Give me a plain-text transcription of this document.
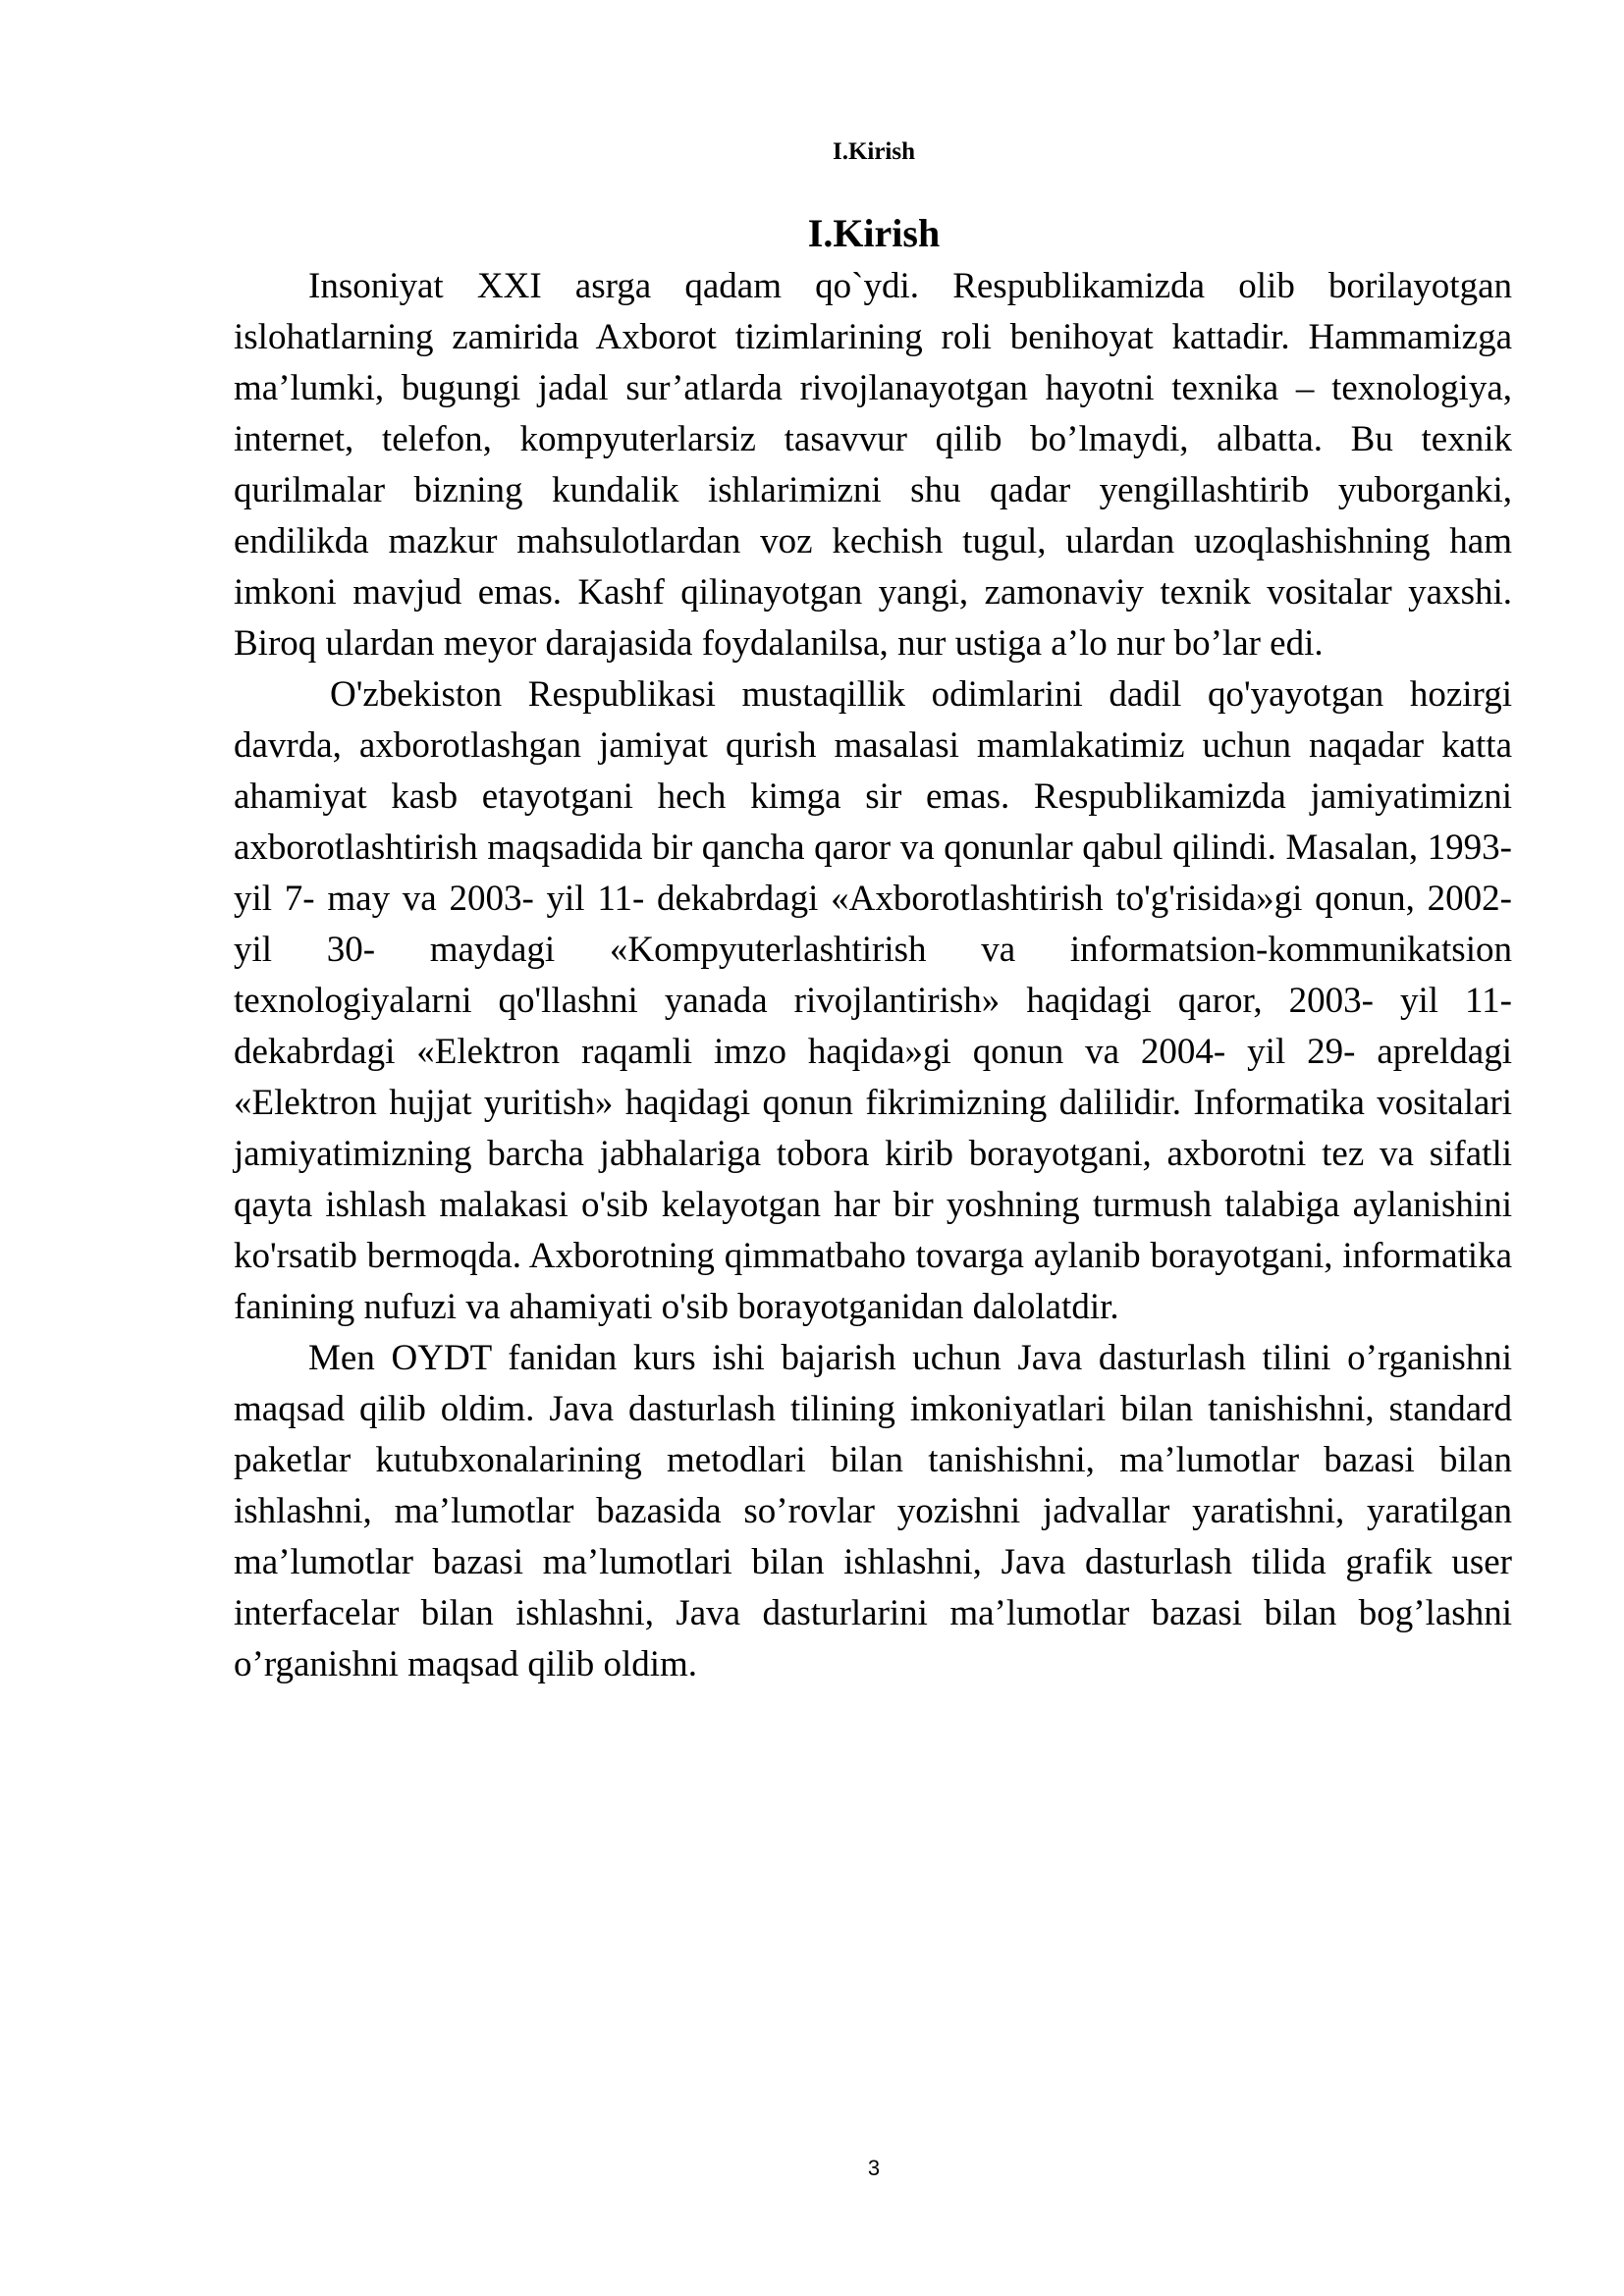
I.Kirish
I.Kirish

Insoniyat XXI asrga qadam qo`ydi. Respublikamizda olib borilayotgan islohatlarning zamirida Axborot tizimlarining roli benihoyat kattadir. Hammamizga ma’lumki, bugungi jadal sur’atlarda rivojlanayotgan hayotni texnika – texnologiya, internet, telefon, kompyuterlarsiz tasavvur qilib bo’lmaydi, albatta. Bu texnik qurilmalar bizning kundalik ishlarimizni shu qadar yengillashtirib yuborganki, endilikda mazkur mahsulotlardan voz kechish tugul, ulardan uzoqlashishning ham imkoni mavjud emas. Kashf qilinayotgan yangi, zamonaviy texnik vositalar yaxshi. Biroq ulardan meyor darajasida foydalanilsa, nur ustiga a’lo nur bo’lar edi.

O'zbekiston Respublikasi mustaqillik odimlarini dadil qo'yayotgan hozirgi davrda, axborotlashgan jamiyat qurish masalasi mamlakatimiz uchun naqadar katta ahamiyat kasb etayotgani hech kimga sir emas. Respublikamizda jamiyatimizni axborotlashtirish maqsadida bir qancha qaror va qonunlar qabul qilindi. Masalan, 1993- yil 7- may va 2003- yil 11- dekabrdagi «Axborotlashtirish to'g'risida»gi qonun, 2002- yil 30- maydagi «Kompyuterlashtirish va informatsion-kommunikatsion texnologiyalarni qo'llashni yanada rivojlantirish» haqidagi qaror, 2003- yil 11- dekabrdagi «Elektron raqamli imzo haqida»gi qonun va 2004- yil 29- apreldagi «Elektron hujjat yuritish» haqidagi qonun fikrimizning dalilidir. Informatika vositalari jamiyatimizning barcha jabhalariga tobora kirib borayotgani, axborotni tez va sifatli qayta ishlash malakasi o'sib kelayotgan har bir yoshning turmush talabiga aylanishini ko'rsatib bermoqda. Axborotning qimmatbaho tovarga aylanib borayotgani, informatika fanining nufuzi va ahamiyati o'sib borayotganidan dalolatdir.

Men OYDT fanidan kurs ishi bajarish uchun Java dasturlash tilini o’rganishni maqsad qilib oldim. Java dasturlash tilining imkoniyatlari bilan tanishishni, standard paketlar kutubxonalarining metodlari bilan tanishishni, ma’lumotlar bazasi bilan ishlashni, ma’lumotlar bazasida so’rovlar yozishni jadvallar yaratishni, yaratilgan ma’lumotlar bazasi ma’lumotlari bilan ishlashni, Java dasturlash tilida grafik user interfacelar bilan ishlashni, Java dasturlarini ma’lumotlar bazasi bilan bog’lashni o’rganishni maqsad qilib oldim.

3
